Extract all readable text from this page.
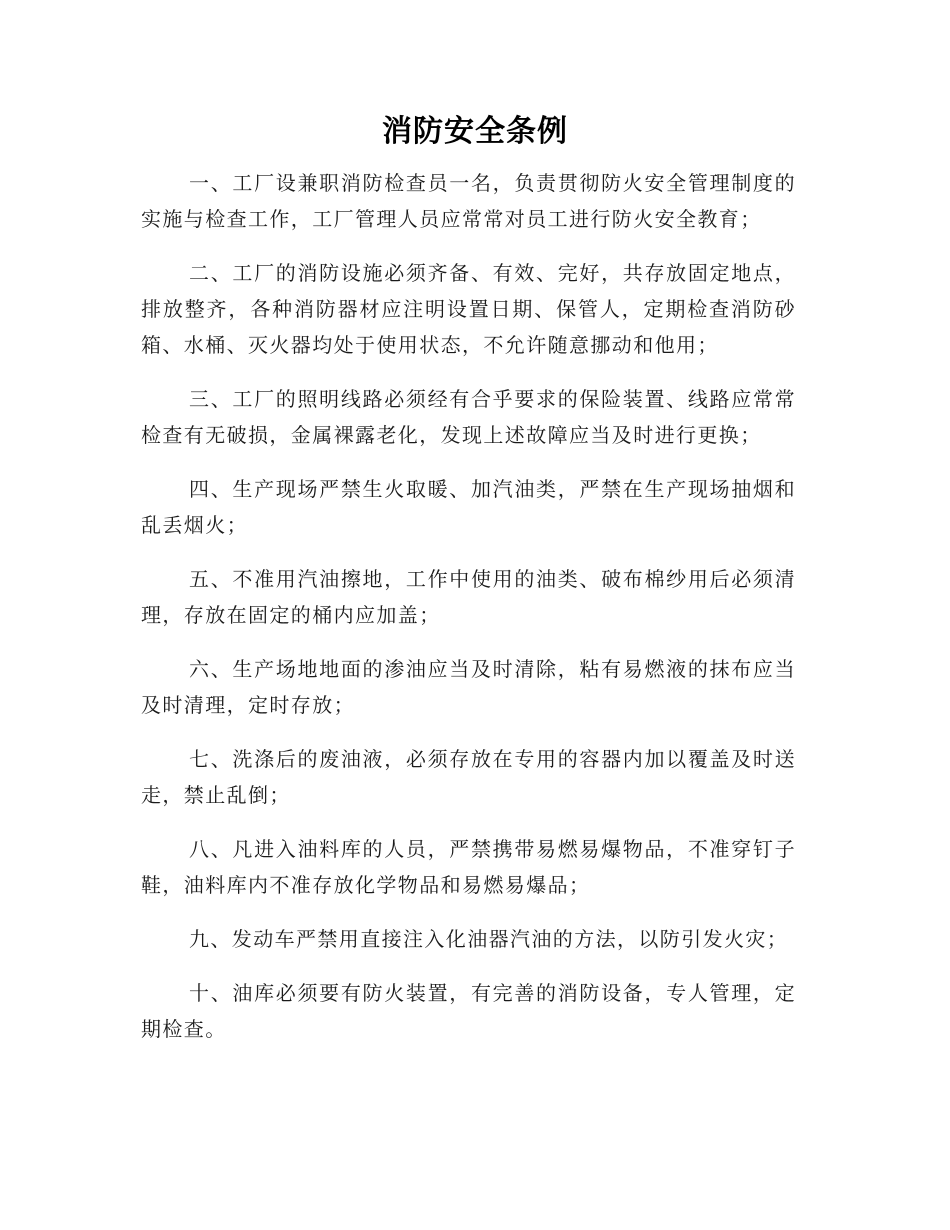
消防安全条例

一、工厂设兼职消防检查员一名，负责贯彻防火安全管理制度的实施与检查工作，工厂管理人员应常常对员工进行防火安全教育；

二、工厂的消防设施必须齐备、有效、完好，共存放固定地点，排放整齐，各种消防器材应注明设置日期、保管人，定期检查消防砂箱、水桶、灭火器均处于使用状态，不允许随意挪动和他用；

三、工厂的照明线路必须经有合乎要求的保险装置、线路应常常检查有无破损，金属裸露老化，发现上述故障应当及时进行更换；

四、生产现场严禁生火取暖、加汽油类，严禁在生产现场抽烟和乱丢烟火；

五、不准用汽油擦地，工作中使用的油类、破布棉纱用后必须清理，存放在固定的桶内应加盖；

六、生产场地地面的渗油应当及时清除，粘有易燃液的抹布应当及时清理，定时存放；

七、洗涤后的废油液，必须存放在专用的容器内加以覆盖及时送走，禁止乱倒；

八、凡进入油料库的人员，严禁携带易燃易爆物品，不准穿钉子鞋，油料库内不准存放化学物品和易燃易爆品；

九、发动车严禁用直接注入化油器汽油的方法，以防引发火灾；

十、油库必须要有防火装置，有完善的消防设备，专人管理，定期检查。
